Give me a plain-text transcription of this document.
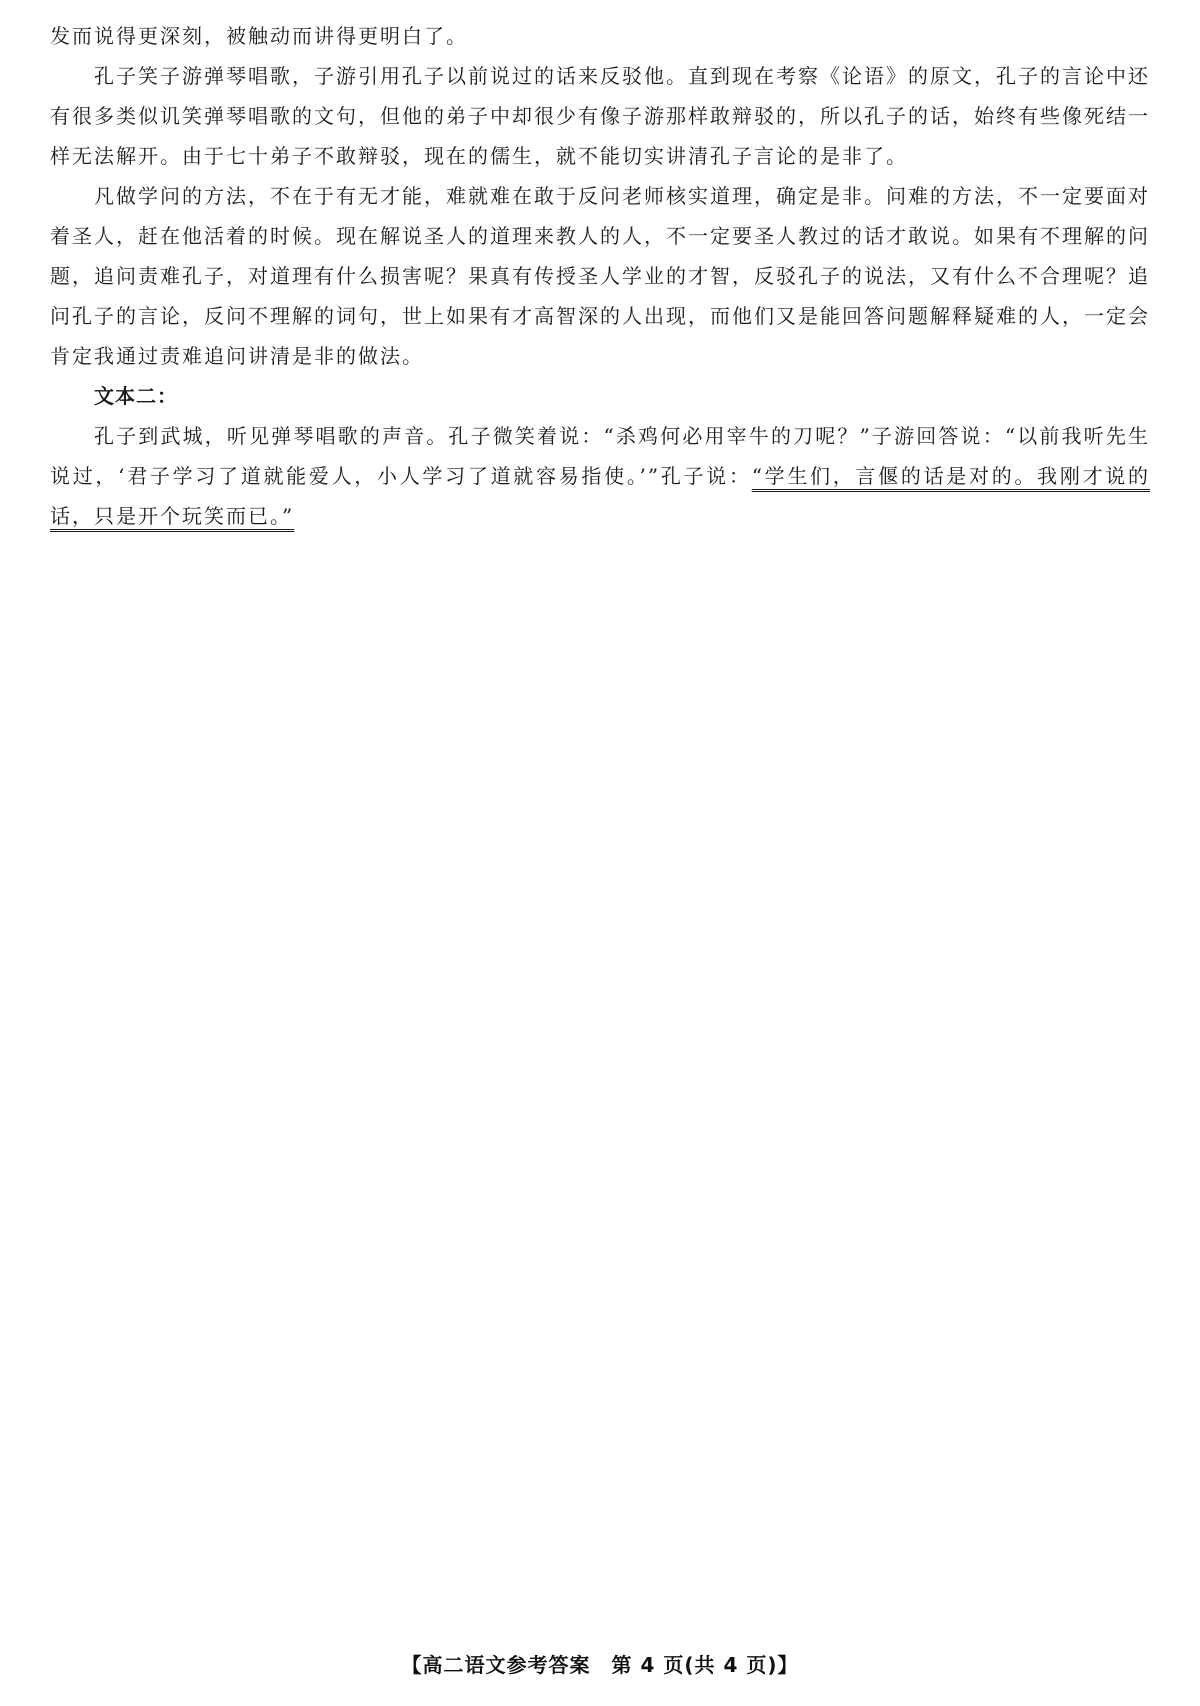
发而说得更深刻，被触动而讲得更明白了。

孔子笑子游弹琴唱歌，子游引用孔子以前说过的话来反驳他。直到现在考察《论语》的原文，孔子的言论中还有很多类似讥笑弹琴唱歌的文句，但他的弟子中却很少有像子游那样敢辩驳的，所以孔子的话，始终有些像死结一样无法解开。由于七十弟子不敢辩驳，现在的儒生，就不能切实讲清孔子言论的是非了。

凡做学问的方法，不在于有无才能，难就难在敢于反问老师核实道理，确定是非。问难的方法，不一定要面对着圣人，赶在他活着的时候。现在解说圣人的道理来教人的人，不一定要圣人教过的话才敢说。如果有不理解的问题，追问责难孔子，对道理有什么损害呢？果真有传授圣人学业的才智，反驳孔子的说法，又有什么不合理呢？追问孔子的言论，反问不理解的词句，世上如果有才高智深的人出现，而他们又是能回答问题解释疑难的人，一定会肯定我通过责难追问讲清是非的做法。

文本二：

孔子到武城，听见弹琴唱歌的声音。孔子微笑着说：“杀鸡何必用宰牛的刀呢？”子游回答说：“以前我听先生说过，‘君子学习了道就能爱人，小人学习了道就容易指使。’”孔子说：“学生们，言偃的话是对的。我刚才说的话，只是开个玩笑而已。”

【高二语文参考答案　第 4 页(共 4 页)】
